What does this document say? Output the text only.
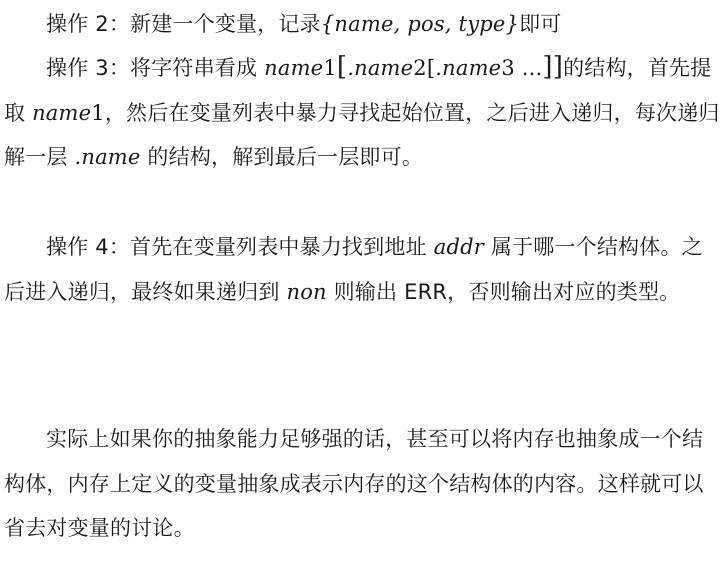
操作 2：新建一个变量，记录{name, pos, type}即可

操作 3：将字符串看成 name1[.name2[.name3 ...]]的结构，首先提取 name1，然后在变量列表中暴力寻找起始位置，之后进入递归，每次递归解一层 .name 的结构，解到最后一层即可。

操作 4：首先在变量列表中暴力找到地址 addr 属于哪一个结构体。之后进入递归，最终如果递归到 non 则输出 ERR，否则输出对应的类型。

实际上如果你的抽象能力足够强的话，甚至可以将内存也抽象成一个结构体，内存上定义的变量抽象成表示内存的这个结构体的内容。这样就可以省去对变量的讨论。
